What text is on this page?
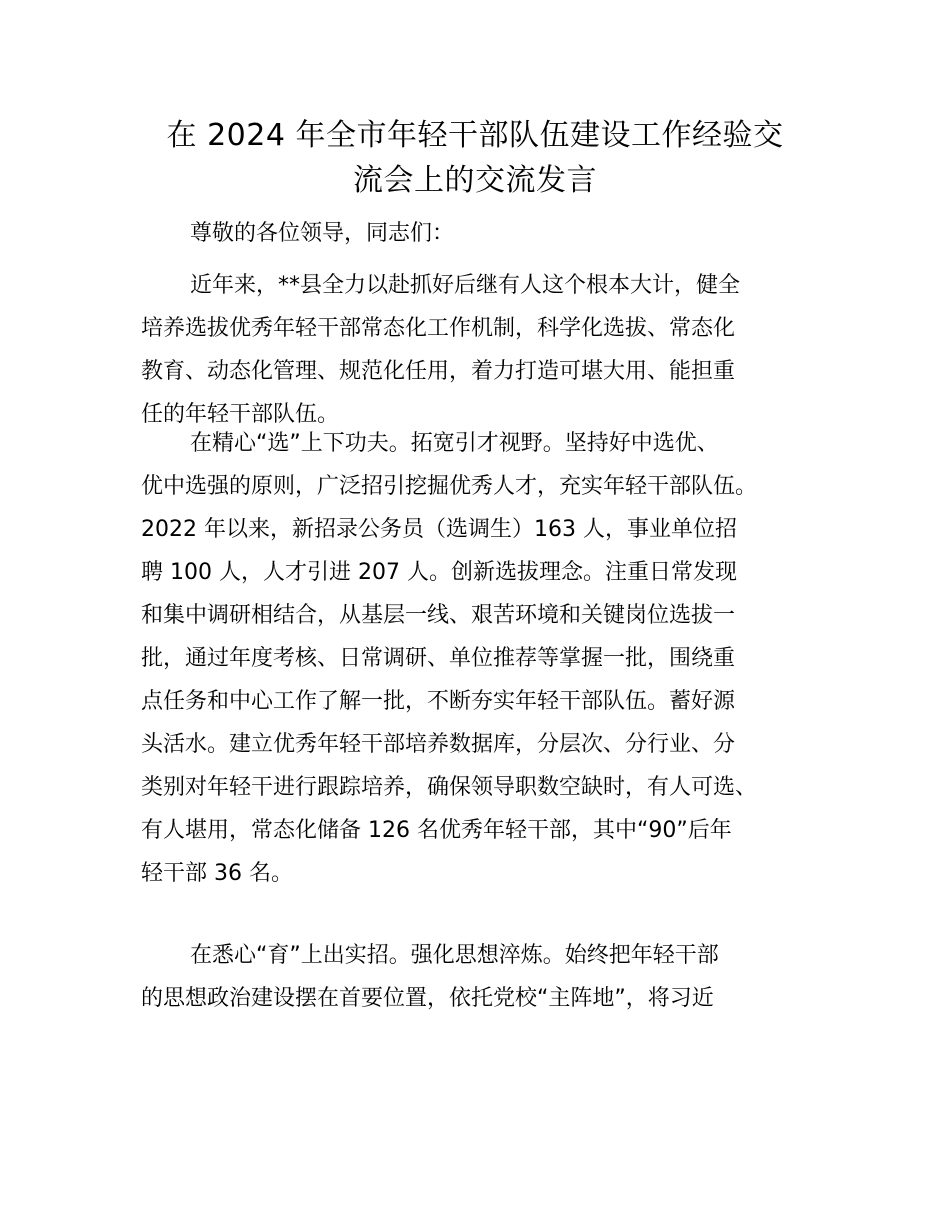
在 2024 年全市年轻干部队伍建设工作经验交
流会上的交流发言

尊敬的各位领导，同志们：

近年来，**县全力以赴抓好后继有人这个根本大计，健全
培养选拔优秀年轻干部常态化工作机制，科学化选拔、常态化
教育、动态化管理、规范化任用，着力打造可堪大用、能担重
任的年轻干部队伍。
在精心“选”上下功夫。拓宽引才视野。坚持好中选优、
优中选强的原则，广泛招引挖掘优秀人才，充实年轻干部队伍。
2022 年以来，新招录公务员（选调生）163 人，事业单位招
聘 100 人，人才引进 207 人。创新选拔理念。注重日常发现
和集中调研相结合，从基层一线、艰苦环境和关键岗位选拔一
批，通过年度考核、日常调研、单位推荐等掌握一批，围绕重
点任务和中心工作了解一批，不断夯实年轻干部队伍。蓄好源
头活水。建立优秀年轻干部培养数据库，分层次、分行业、分
类别对年轻干进行跟踪培养，确保领导职数空缺时，有人可选、
有人堪用，常态化储备 126 名优秀年轻干部，其中“90”后年
轻干部 36 名。
在悉心“育”上出实招。强化思想淬炼。始终把年轻干部
的思想政治建设摆在首要位置，依托党校“主阵地”，将习近
